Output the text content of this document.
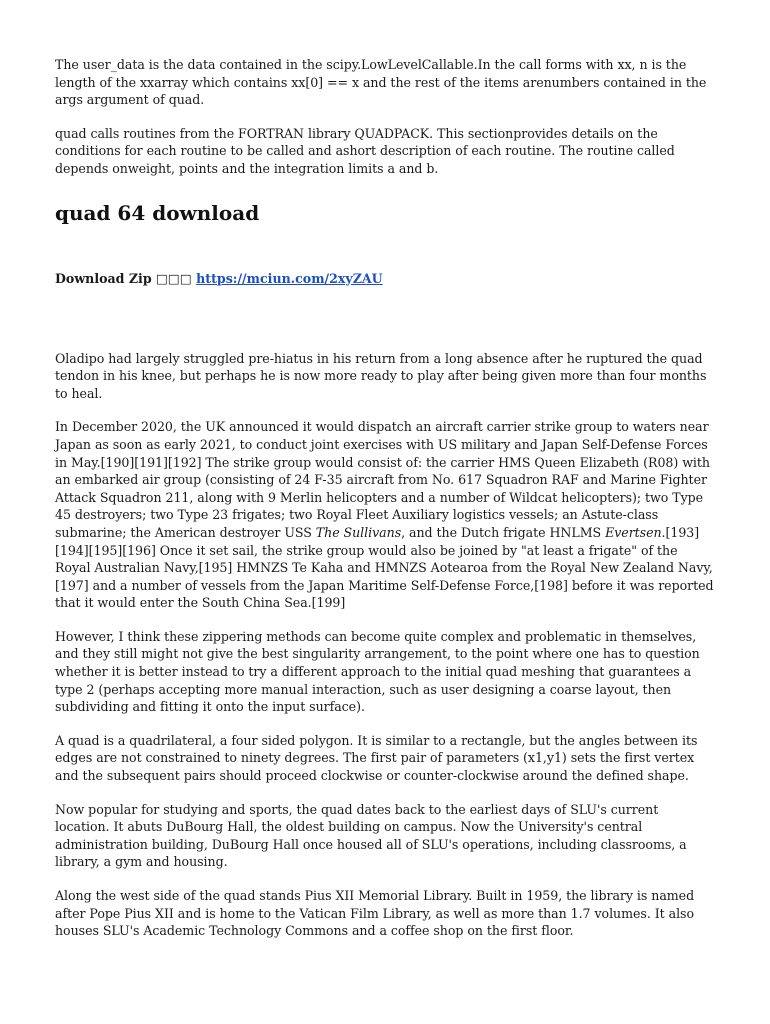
The user_data is the data contained in the scipy.LowLevelCallable.In the call forms with xx, n is the length of the xxarray which contains xx[0] == x and the rest of the items arenumbers contained in the args argument of quad.

quad calls routines from the FORTRAN library QUADPACK. This sectionprovides details on the conditions for each routine to be called and ashort description of each routine. The routine called depends onweight, points and the integration limits a and b.

quad 64 download
Download Zip □□□ https://mciun.com/2xyZAU

Oladipo had largely struggled pre-hiatus in his return from a long absence after he ruptured the quad tendon in his knee, but perhaps he is now more ready to play after being given more than four months to heal.

In December 2020, the UK announced it would dispatch an aircraft carrier strike group to waters near Japan as soon as early 2021, to conduct joint exercises with US military and Japan Self-Defense Forces in May.[190][191][192] The strike group would consist of: the carrier HMS Queen Elizabeth (R08) with an embarked air group (consisting of 24 F-35 aircraft from No. 617 Squadron RAF and Marine Fighter Attack Squadron 211, along with 9 Merlin helicopters and a number of Wildcat helicopters); two Type 45 destroyers; two Type 23 frigates; two Royal Fleet Auxiliary logistics vessels; an Astute-class submarine; the American destroyer USS The Sullivans, and the Dutch frigate HNLMS Evertsen.[193][194][195][196] Once it set sail, the strike group would also be joined by "at least a frigate" of the Royal Australian Navy,[195] HMNZS Te Kaha and HMNZS Aotearoa from the Royal New Zealand Navy,[197] and a number of vessels from the Japan Maritime Self-Defense Force,[198] before it was reported that it would enter the South China Sea.[199]

However, I think these zippering methods can become quite complex and problematic in themselves, and they still might not give the best singularity arrangement, to the point where one has to question whether it is better instead to try a different approach to the initial quad meshing that guarantees a type 2 (perhaps accepting more manual interaction, such as user designing a coarse layout, then subdividing and fitting it onto the input surface).

A quad is a quadrilateral, a four sided polygon. It is similar to a rectangle, but the angles between its edges are not constrained to ninety degrees. The first pair of parameters (x1,y1) sets the first vertex and the subsequent pairs should proceed clockwise or counter-clockwise around the defined shape.

Now popular for studying and sports, the quad dates back to the earliest days of SLU's current location. It abuts DuBourg Hall, the oldest building on campus. Now the University's central administration building, DuBourg Hall once housed all of SLU's operations, including classrooms, a library, a gym and housing.

Along the west side of the quad stands Pius XII Memorial Library. Built in 1959, the library is named after Pope Pius XII and is home to the Vatican Film Library, as well as more than 1.7 volumes. It also houses SLU's Academic Technology Commons and a coffee shop on the first floor.
